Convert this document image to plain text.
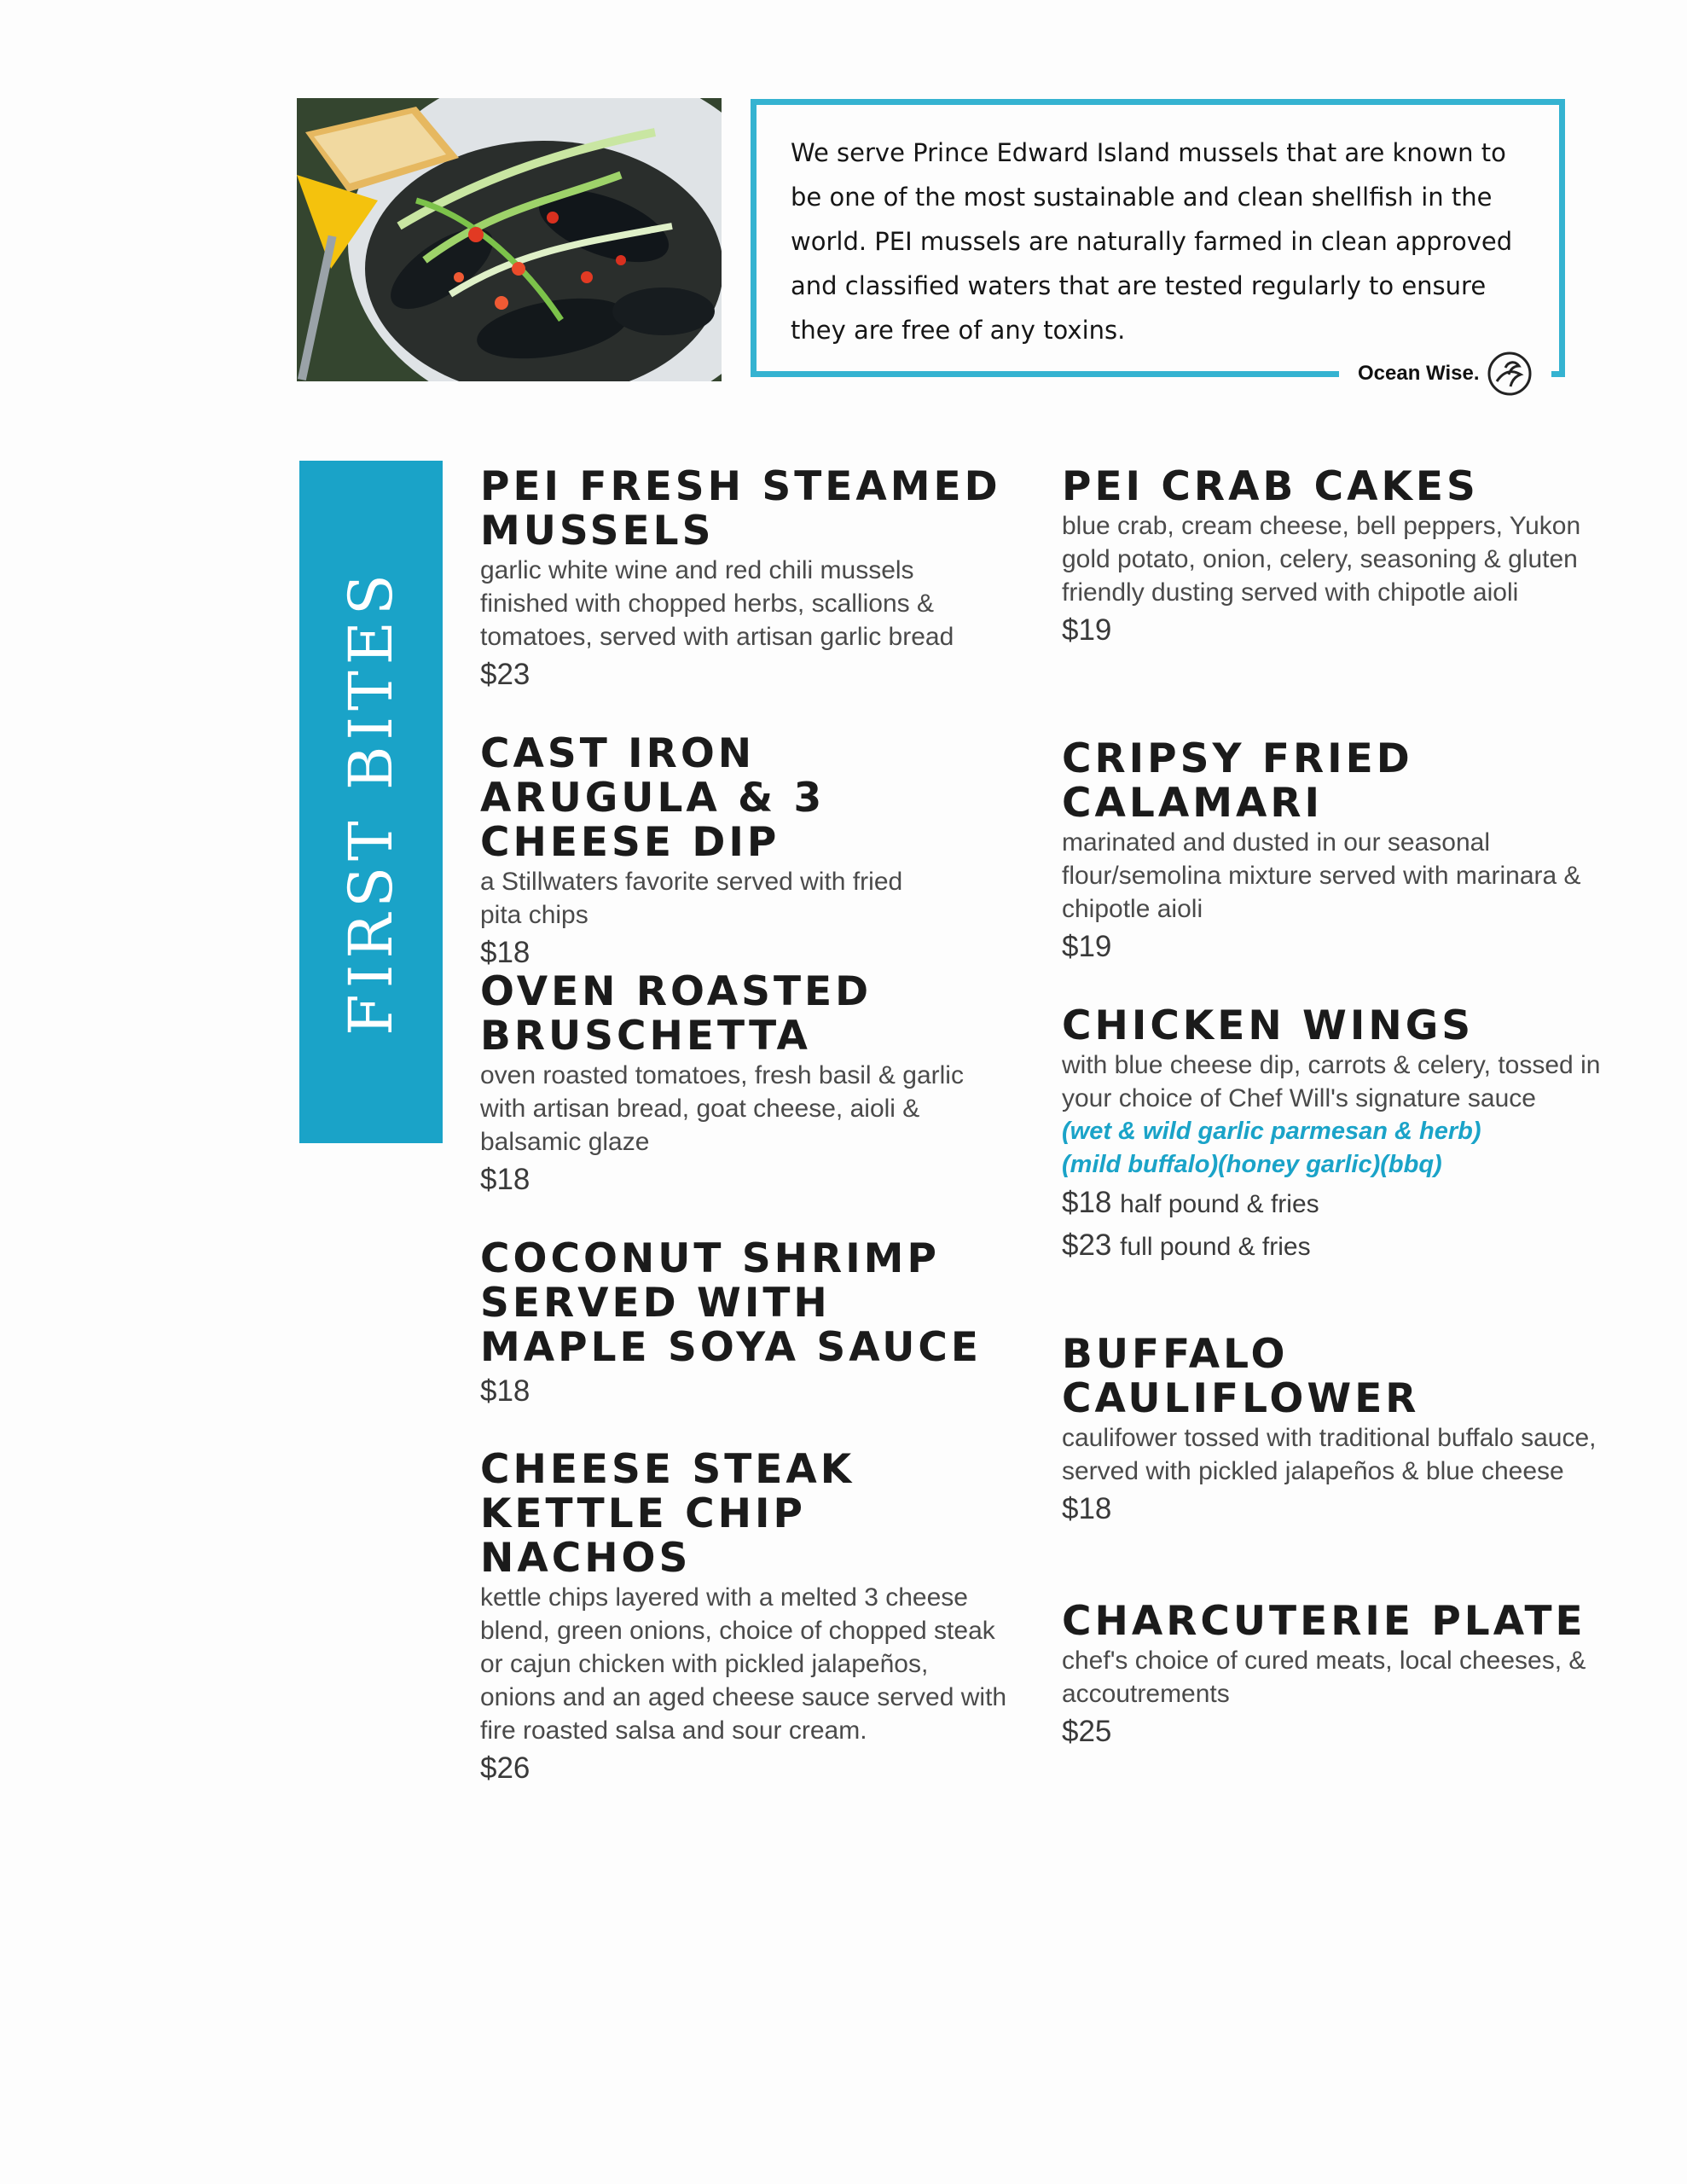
We serve Prince Edward Island mussels that are known to be one of the most sustainable and clean shellfish in the world. PEI mussels are naturally farmed in clean approved and classified waters that are tested regularly to ensure they are free of any toxins.
Ocean Wise.
FIRST BITES
PEI FRESH STEAMED MUSSELS

garlic white wine and red chili mussels finished with chopped herbs, scallions & tomatoes, served with artisan garlic bread

$23
CAST IRON ARUGULA & 3 CHEESE DIP

a Stillwaters favorite served with fried pita chips

$18
OVEN ROASTED BRUSCHETTA

oven roasted tomatoes, fresh basil & garlic with artisan bread, goat cheese, aioli & balsamic glaze

$18
COCONUT SHRIMP SERVED WITH MAPLE SOYA SAUCE
$18
CHEESE STEAK KETTLE CHIP NACHOS

kettle chips layered with a melted 3 cheese blend, green onions, choice of chopped steak or cajun chicken with pickled jalapeños, onions and an aged cheese sauce served with fire roasted salsa and sour cream.

$26
PEI CRAB CAKES

blue crab, cream cheese, bell peppers, Yukon gold potato, onion, celery, seasoning & gluten friendly dusting served with chipotle aioli

$19
CRIPSY FRIED CALAMARI

marinated and dusted in our seasonal flour/semolina mixture served with marinara & chipotle aioli

$19
CHICKEN WINGS

with blue cheese dip, carrots & celery, tossed in your choice of Chef Will's signature sauce

(wet & wild garlic parmesan & herb)
(mild buffalo)(honey garlic)(bbq)
$18 half pound & fries
$23 full pound & fries
BUFFALO CAULIFLOWER

caulifower tossed with traditional buffalo sauce, served with pickled jalapeños & blue cheese

$18
CHARCUTERIE PLATE

chef's choice of cured meats, local cheeses, & accoutrements

$25
